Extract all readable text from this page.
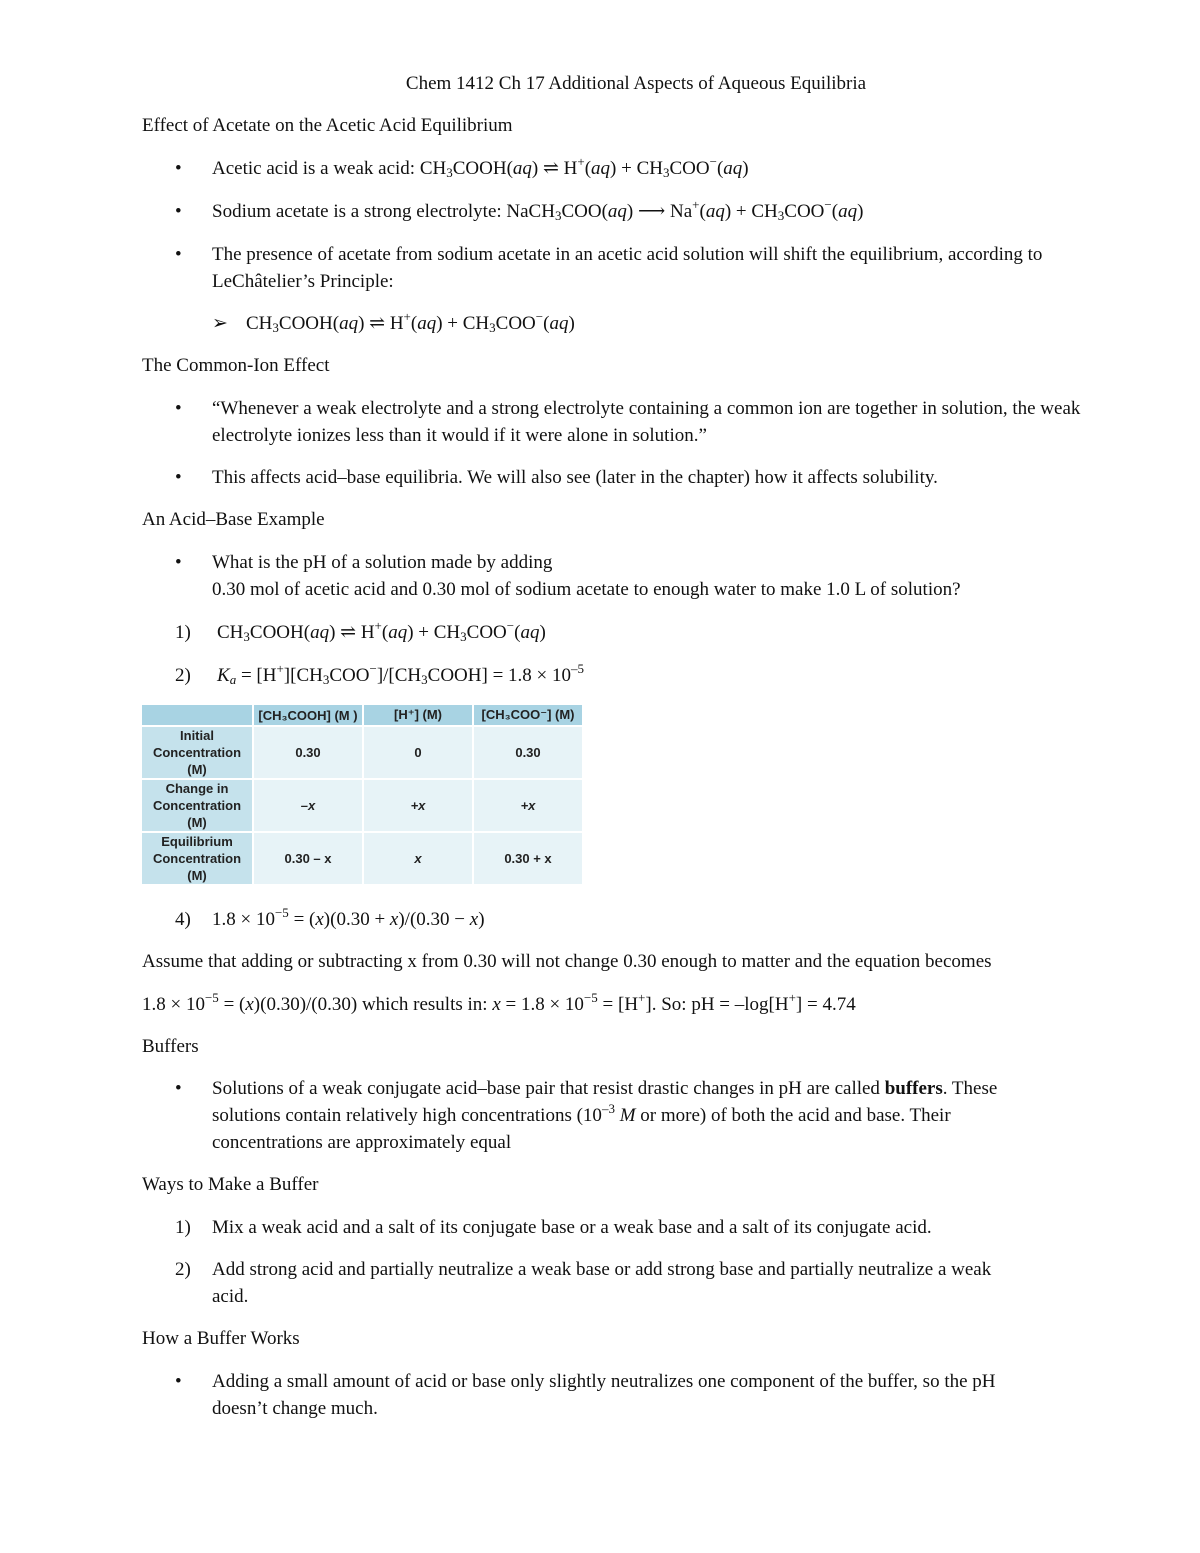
Chem 1412 Ch 17 Additional Aspects of Aqueous Equilibria
Effect of Acetate on the Acetic Acid Equilibrium
• Acetic acid is a weak acid: $CH_3COOH(aq)$ ⇌ $H^+(aq) + CH_3COO^-(aq)$
• Sodium acetate is a strong electrolyte: NaCH$_3$COO(aq) ⟶ $Na^+(aq) + CH_3COO^-(aq)$
• The presence of acetate from sodium acetate in an acetic acid solution will shift the equilibrium, according to LeChâtelier’s Principle:
➢ $CH_3COOH(aq)$ ⇌ $H^+(aq) + CH_3COO^-(aq)$
The Common-Ion Effect
• “Whenever a weak electrolyte and a strong electrolyte containing a common ion are together in solution, the weak electrolyte ionizes less than it would if it were alone in solution.”
• This affects acid–base equilibria. We will also see (later in the chapter) how it affects solubility.
An Acid–Base Example
• What is the pH of a solution made by adding
0.30 mol of acetic acid and 0.30 mol of sodium acetate to enough water to make 1.0 L of solution?
1) $CH_3COOH(aq)$ ⇌ $H^+(aq) + CH_3COO^-(aq)$
2) $K_a$ = $[H^+][CH_3COO^-]/[CH_3COOH] = 1.8 \times 10^{-5}$
	[CH₃COOH] (M )	[H⁺] (M)	[CH₃COO⁻] (M)
Initial Concentration (M)	0.30	0	0.30
Change in Concentration (M)	–x	+x	+x
Equilibrium Concentration (M)	0.30 – x	x	0.30 + x
4) $1.8 \times 10^{-5} = (x)(0.30 + x)/(0.30 - x)$
Assume that adding or subtracting x from 0.30 will not change 0.30 enough to matter and the equation becomes
$1.8 \times 10^{-5} = (x)(0.30)/(0.30)$ which results in: $x = 1.8 \times 10^{-5} = [H^+]$. So: pH = –log[H+] = 4.74
Buffers
• Solutions of a weak conjugate acid–base pair that resist drastic changes in pH are called buffers. These
solutions contain relatively high concentrations ($10^{-3}$ M or more) of both the acid and base. Their
concentrations are approximately equal
Ways to Make a Buffer
1) Mix a weak acid and a salt of its conjugate base or a weak base and a salt of its conjugate acid.
2) Add strong acid and partially neutralize a weak base or add strong base and partially neutralize a weak
acid.
How a Buffer Works
• Adding a small amount of acid or base only slightly neutralizes one component of the buffer, so the pH
doesn’t change much.
